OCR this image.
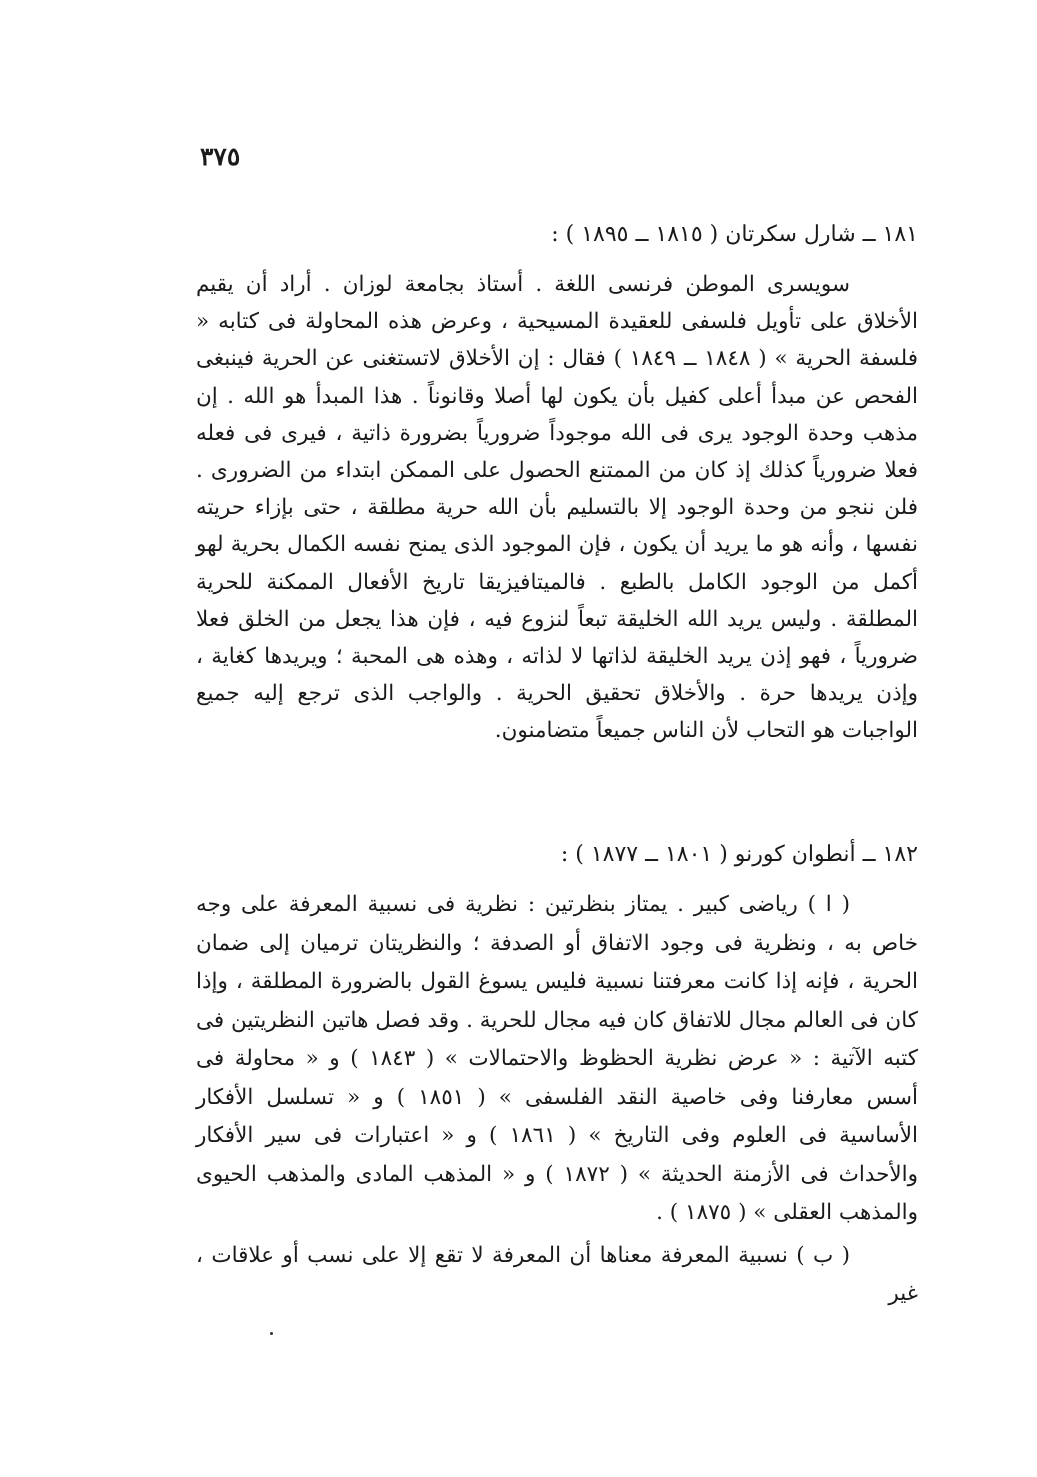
٣٧٥
١٨١ ــ شارل سكرتان ( ١٨١٥ ــ ١٨٩٥ ) :

سويسرى الموطن فرنسى اللغة . أستاذ بجامعة لوزان . أراد أن يقيم الأخلاق على تأويل فلسفى للعقيدة المسيحية ، وعرض هذه المحاولة فى كتابه « فلسفة الحرية » ( ١٨٤٨ ــ ١٨٤٩ ) فقال : إن الأخلاق لاتستغنى عن الحرية فينبغى الفحص عن مبدأ أعلى كفيل بأن يكون لها أصلا وقانوناً . هذا المبدأ هو الله . إن مذهب وحدة الوجود يرى فى الله موجوداً ضرورياً بضرورة ذاتية ، فيرى فى فعله فعلا ضرورياً كذلك إذ كان من الممتنع الحصول على الممكن ابتداء من الضرورى . فلن ننجو من وحدة الوجود إلا بالتسليم بأن الله حرية مطلقة ، حتى بإزاء حريته نفسها ، وأنه هو ما يريد أن يكون ، فإن الموجود الذى يمنح نفسه الكمال بحرية لهو أكمل من الوجود الكامل بالطبع . فالميتافيزيقا تاريخ الأفعال الممكنة للحرية المطلقة . وليس يريد الله الخليقة تبعاً لنزوع فيه ، فإن هذا يجعل من الخلق فعلا ضرورياً ، فهو إذن يريد الخليقة لذاتها لا لذاته ، وهذه هى المحبة ؛ ويريدها كغاية ، وإذن يريدها حرة . والأخلاق تحقيق الحرية . والواجب الذى ترجع إليه جميع الواجبات هو التحاب لأن الناس جميعاً متضامنون.

١٨٢ ــ أنطوان كورنو ( ١٨٠١ ــ ١٨٧٧ ) :

( ا ) رياضى كبير . يمتاز بنظرتين : نظرية فى نسبية المعرفة على وجه خاص به ، ونظرية فى وجود الاتفاق أو الصدفة ؛ والنظريتان ترميان إلى ضمان الحرية ، فإنه إذا كانت معرفتنا نسبية فليس يسوغ القول بالضرورة المطلقة ، وإذا كان فى العالم مجال للاتفاق كان فيه مجال للحرية . وقد فصل هاتين النظريتين فى كتبه الآتية : « عرض نظرية الحظوظ والاحتمالات » ( ١٨٤٣ ) و « محاولة فى أسس معارفنا وفى خاصية النقد الفلسفى » ( ١٨٥١ ) و « تسلسل الأفكار الأساسية فى العلوم وفى التاريخ » ( ١٨٦١ ) و « اعتبارات فى سير الأفكار والأحداث فى الأزمنة الحديثة » ( ١٨٧٢ ) و « المذهب المادى والمذهب الحيوى والمذهب العقلى » ( ١٨٧٥ ) .

( ب ) نسبية المعرفة معناها أن المعرفة لا تقع إلا على نسب أو علاقات ، غير
